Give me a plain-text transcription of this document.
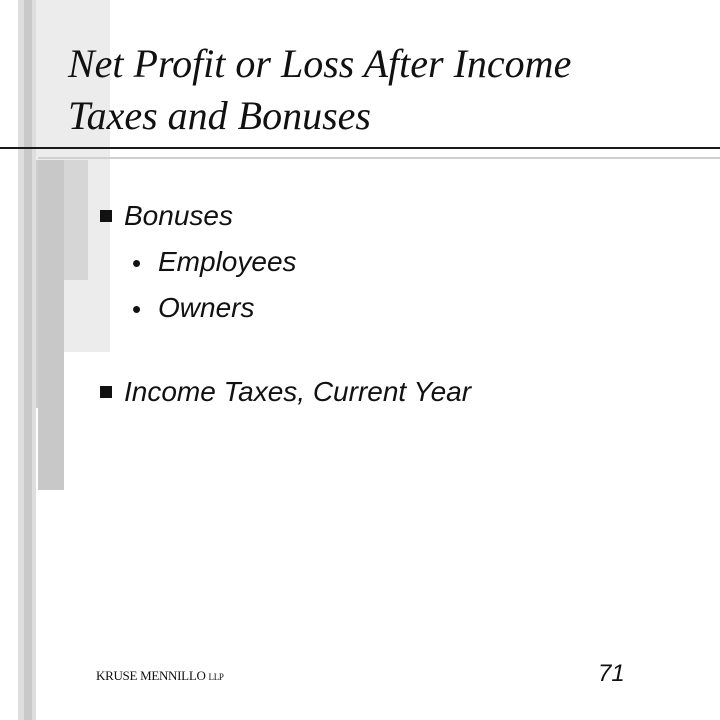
Net Profit or Loss After Income
Taxes and Bonuses
Bonuses
• Employees
• Owners
Income Taxes, Current Year
KRUSE MENNILLO LLP	71
